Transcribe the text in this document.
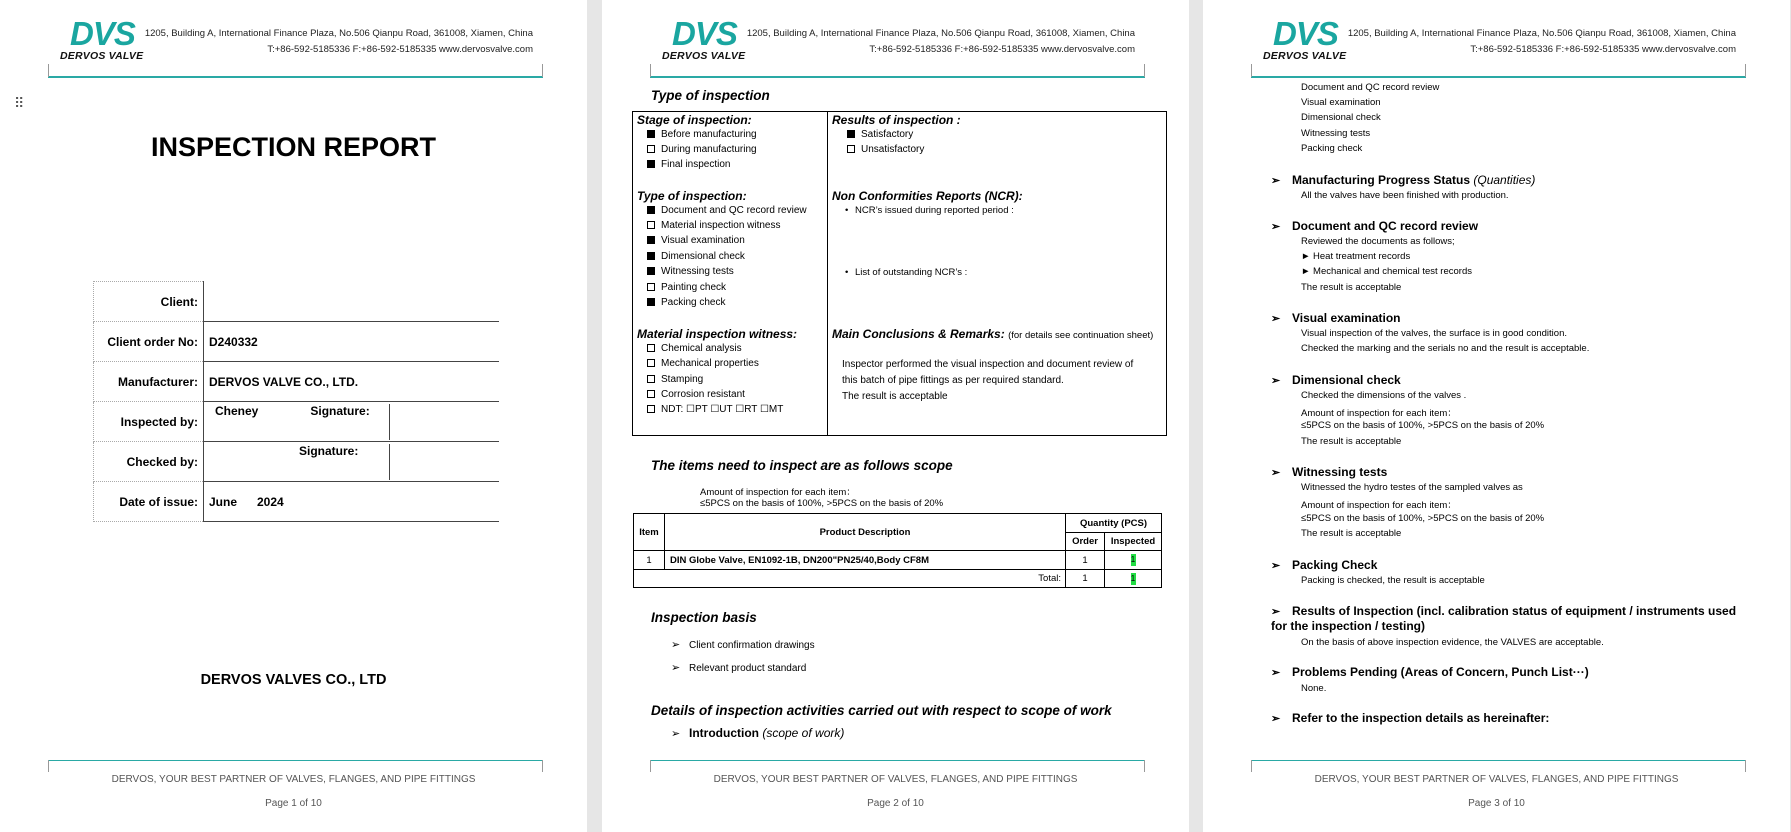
DVS
DERVOS VALVE
1205, Building A, International Finance Plaza, No.506 Qianpu Road, 361008, Xiamen, China
T:+86-592-5185336 F:+86-592-5185335 www.dervosvalve.com
⠿
INSPECTION REPORT
Client:	
Client order No:	D240332
Manufacturer:	DERVOS VALVE CO., LTD.
Inspected by:	Cheney Signature:

Checked by:	Signature:

Date of issue:	June      2024
DERVOS VALVES CO., LTD
DERVOS, YOUR BEST PARTNER OF VALVES, FLANGES, AND PIPE FITTINGS
Page 1 of 10
DVS
DERVOS VALVE
1205, Building A, International Finance Plaza, No.506 Qianpu Road, 361008, Xiamen, China
T:+86-592-5185336 F:+86-592-5185335 www.dervosvalve.com
Type of inspection
Stage of inspection:
Before manufacturing
During manufacturing
Final inspection
Type of inspection:
Document and QC record review
Material inspection witness
Visual examination
Dimensional check
Witnessing tests
Painting check
Packing check
Material inspection witness:
Chemical analysis
Mechanical properties
Stamping
Corrosion resistant
NDT: ☐PT ☐UT ☐RT ☐MT
Results of inspection :
Satisfactory
Unsatisfactory
Non Conformities Reports (NCR):
• NCR’s issued during reported period :
• List of outstanding NCR’s :
Main Conclusions & Remarks: (for details see continuation sheet)
Inspector performed the visual inspection and document review of
this batch of pipe fittings as per required standard.
The result is acceptable
The items need to inspect are as follows scope
Amount of inspection for each item：
≤5PCS on the basis of 100%, >5PCS on the basis of 20%
Item	Product Description	Quantity (PCS)	
		Order	Inspected
1	DIN Globe Valve, EN1092-1B, DN200"PN25/40,Body CF8M	1	1
Total:		1	1
Inspection basis
➢ Client confirmation drawings
➢ Relevant product standard
Details of inspection activities carried out with respect to scope of work
➢ Introduction (scope of work)
DERVOS, YOUR BEST PARTNER OF VALVES, FLANGES, AND PIPE FITTINGS
Page 2 of 10
DVS
DERVOS VALVE
1205, Building A, International Finance Plaza, No.506 Qianpu Road, 361008, Xiamen, China
T:+86-592-5185336 F:+86-592-5185335 www.dervosvalve.com
Document and QC record review
Visual examination
Dimensional check
Witnessing tests
Packing check
➢ Manufacturing Progress Status (Quantities)
All the valves have been finished with production.
➢ Document and QC record review
Reviewed the documents as follows;
► Heat treatment records
► Mechanical and chemical test records
The result is acceptable
➢ Visual examination
Visual inspection of the valves, the surface is in good condition.
Checked the marking and the serials no and the result is acceptable.
➢ Dimensional check
Checked the dimensions of the valves .
Amount of inspection for each item：
≤5PCS on the basis of 100%, >5PCS on the basis of 20%
The result is acceptable
➢ Witnessing tests
Witnessed the hydro testes of the sampled valves as
Amount of inspection for each item：
≤5PCS on the basis of 100%, >5PCS on the basis of 20%
The result is acceptable
➢ Packing Check
Packing is checked, the result is acceptable
➢ Results of Inspection (incl. calibration status of equipment / instruments used
for the inspection / testing)
On the basis of above inspection evidence, the VALVES are acceptable.
➢ Problems Pending (Areas of Concern, Punch List···)
None.
➢ Refer to the inspection details as hereinafter:
DERVOS, YOUR BEST PARTNER OF VALVES, FLANGES, AND PIPE FITTINGS
Page 3 of 10
